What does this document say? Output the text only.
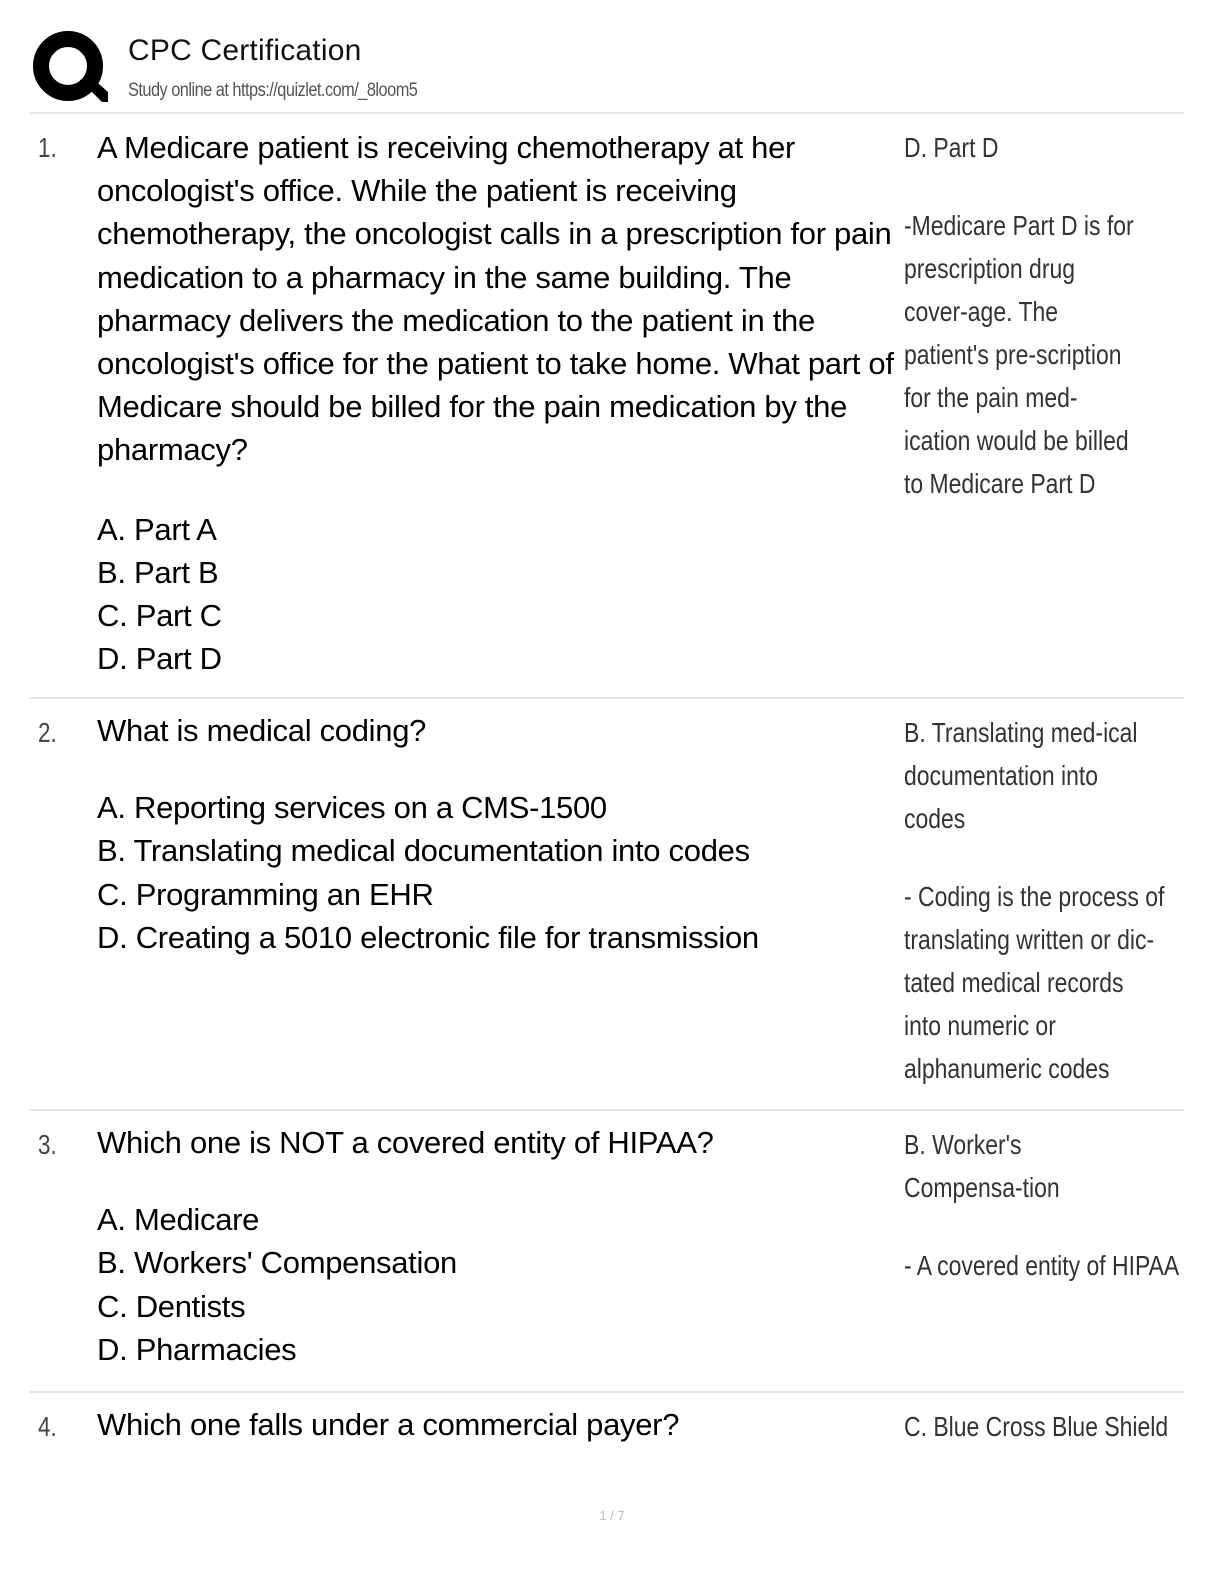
CPC Certification
Study online at https://quizlet.com/_8loom5
1. A Medicare patient is receiving chemotherapy at her oncologist's office. While the patient is receiving chemotherapy, the oncologist calls in a prescription for pain medication to a pharmacy in the same building. The pharmacy delivers the medication to the patient in the oncologist's office for the patient to take home. What part of Medicare should be billed for the pain medication by the pharmacy?
A. Part A
B. Part B
C. Part C
D. Part D
D. Part D
-Medicare Part D is for prescription drug cover-age. The patient's pre-scription for the pain med-ication would be billed to Medicare Part D
2. What is medical coding?
A. Reporting services on a CMS-1500
B. Translating medical documentation into codes
C. Programming an EHR
D. Creating a 5010 electronic file for transmission
B. Translating med-ical documentation into codes
- Coding is the process of translating written or dic-tated medical records into numeric or alphanumeric codes
3. Which one is NOT a covered entity of HIPAA?
A. Medicare
B. Workers' Compensation
C. Dentists
D. Pharmacies
B. Worker's Compensa-tion
- A covered entity of HIPAA
4. Which one falls under a commercial payer?	C. Blue Cross Blue Shield
1 / 7
